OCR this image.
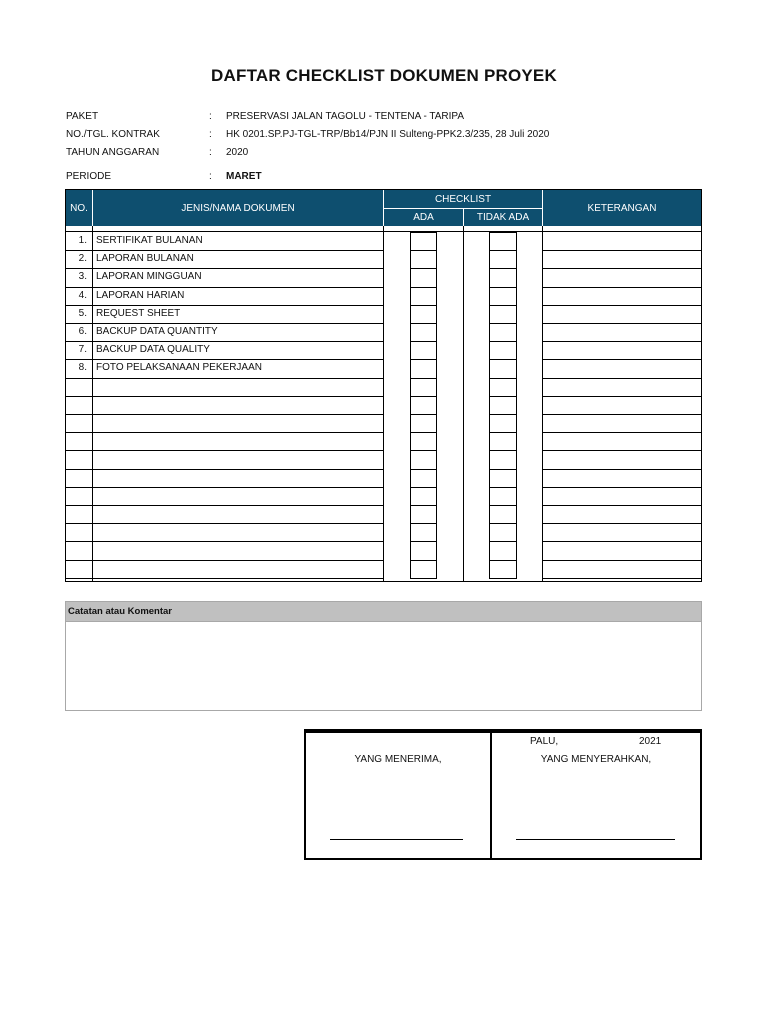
DAFTAR CHECKLIST DOKUMEN PROYEK
PAKET	: PRESERVASI JALAN TAGOLU - TENTENA - TARIPA
NO./TGL. KONTRAK	: HK 0201.SP.PJ-TGL-TRP/Bb14/PJN II Sulteng-PPK2.3/235, 28 Juli 2020
TAHUN ANGGARAN	: 2020
PERIODE	: MARET
NO.	JENIS/NAMA DOKUMEN
CHECKLIST
ADA	TIDAK ADA
KETERANGAN
1. SERTIFIKAT BULANAN
2. LAPORAN BULANAN
3. LAPORAN MINGGUAN
4. LAPORAN HARIAN
5. REQUEST SHEET
6. BACKUP DATA QUANTITY
7. BACKUP DATA QUALITY
8. FOTO PELAKSANAAN PEKERJAAN
Catatan atau Komentar
PALU,	2021
YANG MENERIMA,	YANG MENYERAHKAN,
